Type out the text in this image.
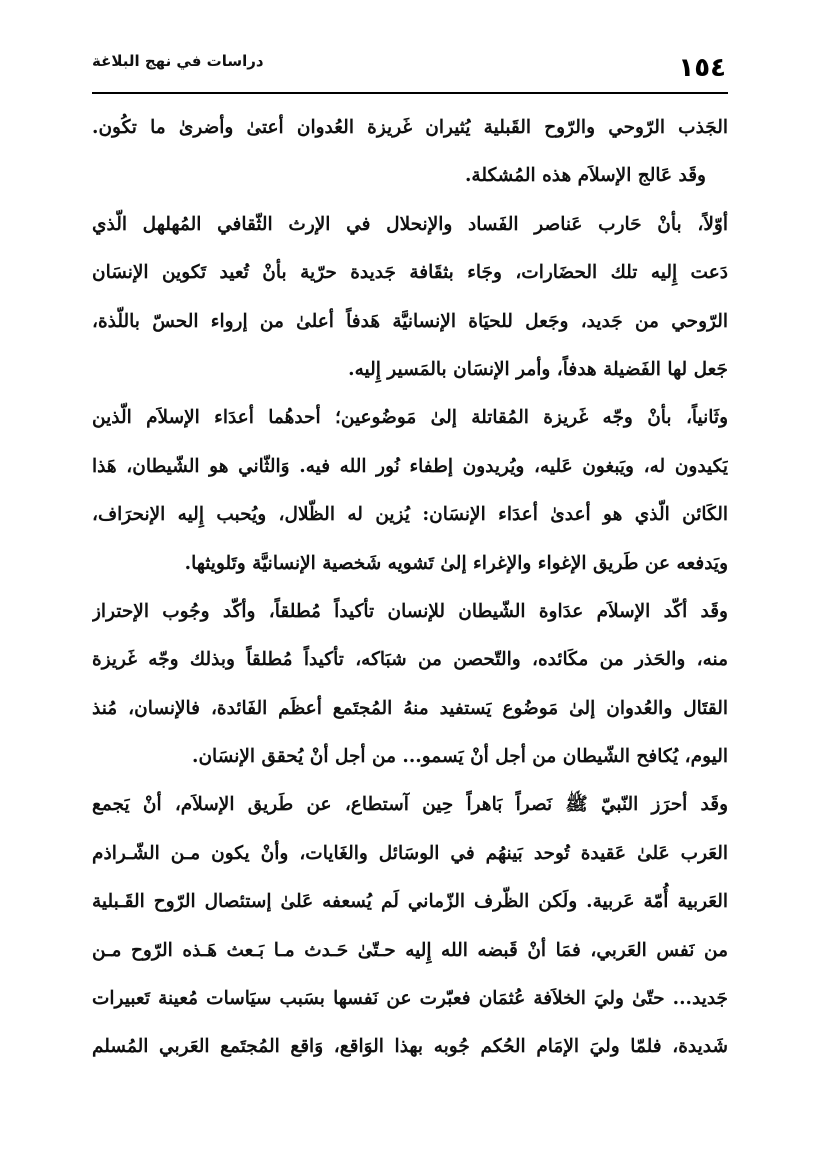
١٥٤
دراسات في نهج البلاغة
الجَذب الرّوحي والرّوح القَبلية يُثيران غَريزة العُدوان أعتىٰ وأضرىٰ ما تكُون.
وقَد عَالج الإسلاَم هذه المُشكلة.
أوّلاً، بأنْ حَارب عَناصر الفَساد والإنحلال في الإرث الثّقافي المُهلهل الّذي
دَعت إِليه تلك الحضَارات، وجَاء بثقَافة جَديدة حرّية بأنْ تُعيد تَكوين الإنسَان
الرّوحي من جَديد، وجَعل للحيَاة الإنسانيَّة هَدفاً أعلىٰ من إرواء الحسّ باللّذة،
جَعل لها الفَضيلة هدفاً، وأمر الإنسَان بالمَسير إِليه.
وثَانياً، بأنْ وجّه غَريزة المُقاتلة إلىٰ مَوضُوعين؛ أحدهُما أعدَاء الإسلاَم الّذين
يَكيدون له، ويَبغون عَليه، ويُريدون إطفاء نُور الله فيه. وَالثّاني هو الشّيطان، هَذا
الكَائن الّذي هو أعدىٰ أعدَاء الإنسَان: يُزين له الظّلال، ويُحبب إِليه الإنحرَاف،
ويَدفعه عن طَريق الإغواء والإغراء إلىٰ تَشويه شَخصية الإنسانيَّة وتَلويثها.
وقَد أكّد الإسلاَم عدَاوة الشّيطان للإنسان تأكيداً مُطلقاً، وأكّد وجُوب الإحتراز
منه، والحَذر من مكَائده، والتّحصن من شبَاكه، تأكيداً مُطلقاً وبذلك وجّه غَريزة
القتَال والعُدوان إلىٰ مَوضُوع يَستفيد منهُ المُجتَمع أعظَم الفَائدة، فالإنسان، مُنذ
اليوم، يُكافح الشّيطان من أجل أنْ يَسمو... من أجل أنْ يُحقق الإنسَان.
وقَد أحرَز النّبيّ ﷺ نَصراً بَاهراً حِين آستطاع، عن طَريق الإسلاَم، أنْ يَجمع
العَرب عَلىٰ عَقيدة تُوحد بَينهُم في الوسَائل والغَايات، وأنْ يكون مـن الشّـراذم
العَربية أُمّة عَربية. ولَكن الظّرف الزّماني لَم يُسعفه عَلىٰ إستئصال الرّوح القَـبلية
من نَفس العَربي، فمَا أنْ قَبضه الله إِليه حـتّىٰ حَـدث مـا بَـعث هَـذه الرّوح مـن
جَديد... حتّىٰ وليَ الخلاَفة عُثمَان فعبّرت عن نَفسها بسَبب سيَاسات مُعينة تَعبيرات
شَديدة، فلمّا وليَ الإمَام الحُكم جُوبه بهذا الوَاقع، وَاقع المُجتَمع العَربي المُسلم
